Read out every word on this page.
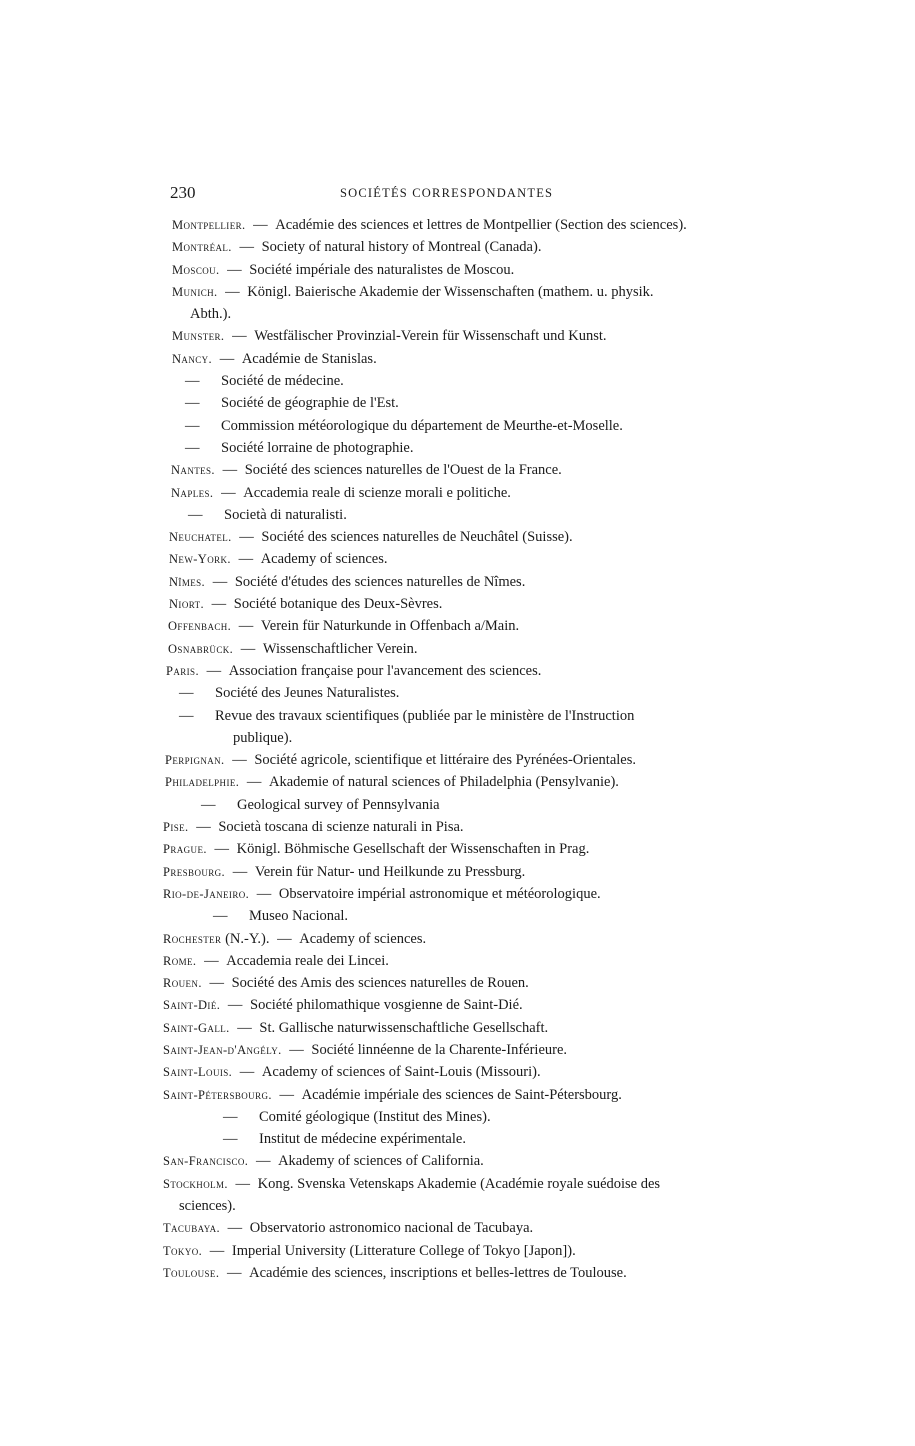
230	SOCIÉTÉS CORRESPONDANTES
Montpellier. — Académie des sciences et lettres de Montpellier (Section des sciences).
Montréal. — Society of natural history of Montreal (Canada).
Moscou. — Société impériale des naturalistes de Moscou.
Munich. — Königl. Baierische Akademie der Wissenschaften (mathem. u. physik.
Abth.).
Munster. — Westfälischer Provinzial-Verein für Wissenschaft und Kunst.
Nancy. — Académie de Stanislas.
— Société de médecine.
— Société de géographie de l'Est.
— Commission météorologique du département de Meurthe-et-Moselle.
— Société lorraine de photographie.
Nantes. — Société des sciences naturelles de l'Ouest de la France.
Naples. — Accademia reale di scienze morali e politiche.
— Società di naturalisti.
Neuchatel. — Société des sciences naturelles de Neuchâtel (Suisse).
New-York. — Academy of sciences.
Nîmes. — Société d'études des sciences naturelles de Nîmes.
Niort. — Société botanique des Deux-Sèvres.
Offenbach. — Verein für Naturkunde in Offenbach a/Main.
Osnabrück. — Wissenschaftlicher Verein.
Paris. — Association française pour l'avancement des sciences.
— Société des Jeunes Naturalistes.
— Revue des travaux scientifiques (publiée par le ministère de l'Instruction
publique).
Perpignan. — Société agricole, scientifique et littéraire des Pyrénées-Orientales.
Philadelphie. — Akademie of natural sciences of Philadelphia (Pensylvanie).
— Geological survey of Pennsylvania
Pise. — Società toscana di scienze naturali in Pisa.
Prague. — Königl. Böhmische Gesellschaft der Wissenschaften in Prag.
Presbourg. — Verein für Natur- und Heilkunde zu Pressburg.
Rio-de-Janeiro. — Observatoire impérial astronomique et météorologique.
— Museo Nacional.
Rochester (N.-Y.). — Academy of sciences.
Rome. — Accademia reale dei Lincei.
Rouen. — Société des Amis des sciences naturelles de Rouen.
Saint-Dié. — Société philomathique vosgienne de Saint-Dié.
Saint-Gall. — St. Gallische naturwissenschaftliche Gesellschaft.
Saint-Jean-d'Angély. — Société linnéenne de la Charente-Inférieure.
Saint-Louis. — Academy of sciences of Saint-Louis (Missouri).
Saint-Pétersbourg. — Académie impériale des sciences de Saint-Pétersbourg.
— Comité géologique (Institut des Mines).
— Institut de médecine expérimentale.
San-Francisco. — Akademy of sciences of California.
Stockholm. — Kong. Svenska Vetenskaps Akademie (Académie royale suédoise des
sciences).
Tacubaya. — Observatorio astronomico nacional de Tacubaya.
Tokyo. — Imperial University (Litterature College of Tokyo [Japon]).
Toulouse. — Académie des sciences, inscriptions et belles-lettres de Toulouse.
